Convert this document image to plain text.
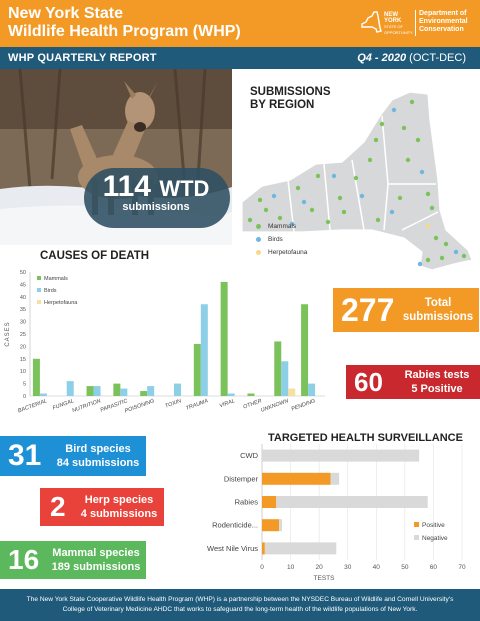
New York State
Wildlife Health Program (WHP)
NEW YORK
STATE OF OPPORTUNITY
Department of
Environmental
Conservation
WHP QUARTERLY REPORT	Q4 - 2020 (OCT-DEC)
114 WTD
submissions
SUBMISSIONS
BY REGION
Mammals
Birds
Herpetofauna
CAUSES OF DEATH
0
5
10
15
20
25
30
35
40
45
50
CASES
BACTERIAL FUNGAL
NUTRITION
PARASITIC
POISONING TOXIN TRAUMA VIRAL OTHER
UNKNOWN PENDING
Mammals
Birds
Herpetofauna	277	Total
submissions
60	Rabies tests
5 Positive
31	Bird species
84 submissions
2	Herp species
4 submissions
16	Mammal species
189 submissions
TARGETED HEALTH SURVEILLANCE
0	10	20	30	40	50	60	70
TESTS
CWD
Distemper
Rabies
Rodenticide...
West Nile Virus
Positive
Negative
The New York State Cooperative Wildlife Health Program (WHP) is a partnership between the NYSDEC Bureau of Wildlife and Cornell University's
College of Veterinary Medicine AHDC that works to safeguard the long-term health of the wildlife populations of New York.
